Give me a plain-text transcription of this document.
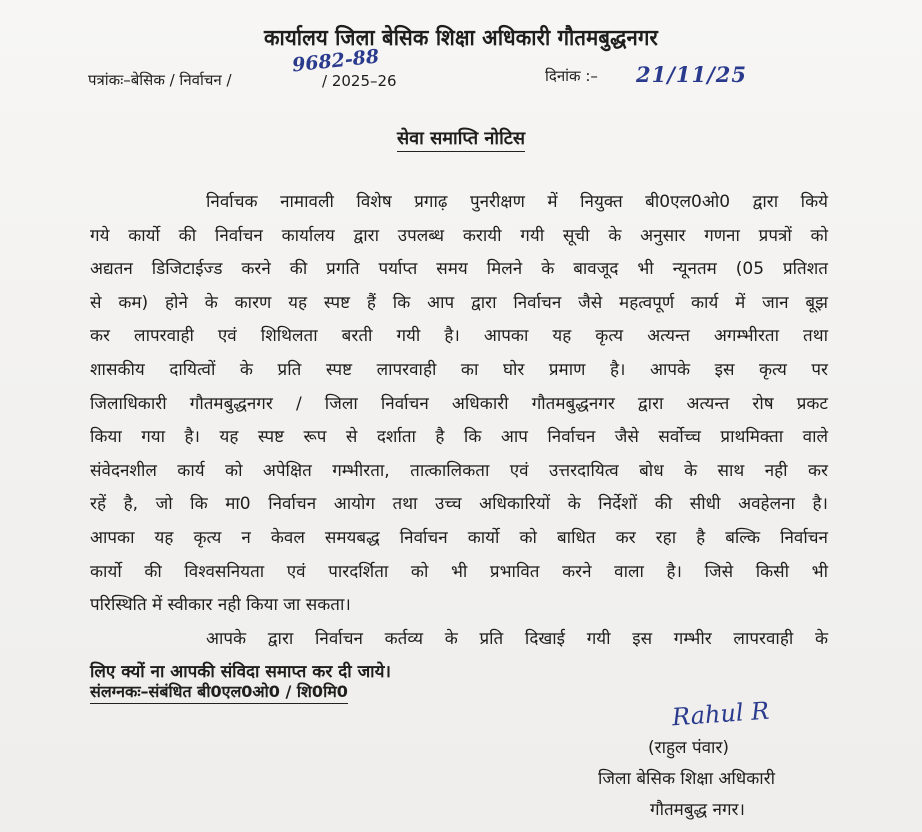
कार्यालय जिला बेसिक शिक्षा अधिकारी गौतमबुद्धनगर
पत्रांकः–बेसिक / निर्वाचन /
9682-88
/ 2025–26	दिनांक :– 21/11/25
सेवा समाप्ति नोटिस
निर्वाचक नामावली विशेष प्रगाढ़ पुनरीक्षण में नियुक्त बी0एल0ओ0 द्वारा किये
गये कार्यो की निर्वाचन कार्यालय द्वारा उपलब्ध करायी गयी सूची के अनुसार गणना प्रपत्रों को
अद्यतन डिजिटाईज्ड करने की प्रगति पर्याप्त समय मिलने के बावजूद भी न्यूनतम (05 प्रतिशत
से कम) होने के कारण यह स्पष्ट हैं कि आप द्वारा निर्वाचन जैसे महत्वपूर्ण कार्य में जान बूझ
कर लापरवाही एवं शिथिलता बरती गयी है। आपका यह कृत्य अत्यन्त अगम्भीरता तथा
शासकीय दायित्वों के प्रति स्पष्ट लापरवाही का घोर प्रमाण है। आपके इस कृत्य पर
जिलाधिकारी गौतमबुद्धनगर / जिला निर्वाचन अधिकारी गौतमबुद्धनगर द्वारा अत्यन्त रोष प्रकट
किया गया है। यह स्पष्ट रूप से दर्शाता है कि आप निर्वाचन जैसे सर्वोच्च प्राथमिक्ता वाले
संवेदनशील कार्य को अपेक्षित गम्भीरता, तात्कालिकता एवं उत्तरदायित्व बोध के साथ नही कर
रहें है, जो कि मा0 निर्वाचन आयोग तथा उच्च अधिकारियों के निर्देशों की सीधी अवहेलना है।
आपका यह कृत्य न केवल समयबद्ध निर्वाचन कार्यो को बाधित कर रहा है बल्कि निर्वाचन
कार्यो की विश्वसनियता एवं पारदर्शिता को भी प्रभावित करने वाला है। जिसे किसी भी
परिस्थिति में स्वीकार नही किया जा सकता।
आपके द्वारा निर्वाचन कर्तव्य के प्रति दिखाई गयी इस गम्भीर लापरवाही के
लिए क्यों ना आपकी संविदा समाप्त कर दी जाये।
संलग्नकः–संबंधित बी0एल0ओ0 / शि0मि0
Rahul R
(राहुल पंवार)
जिला बेसिक शिक्षा अधिकारी
गौतमबुद्ध नगर।
